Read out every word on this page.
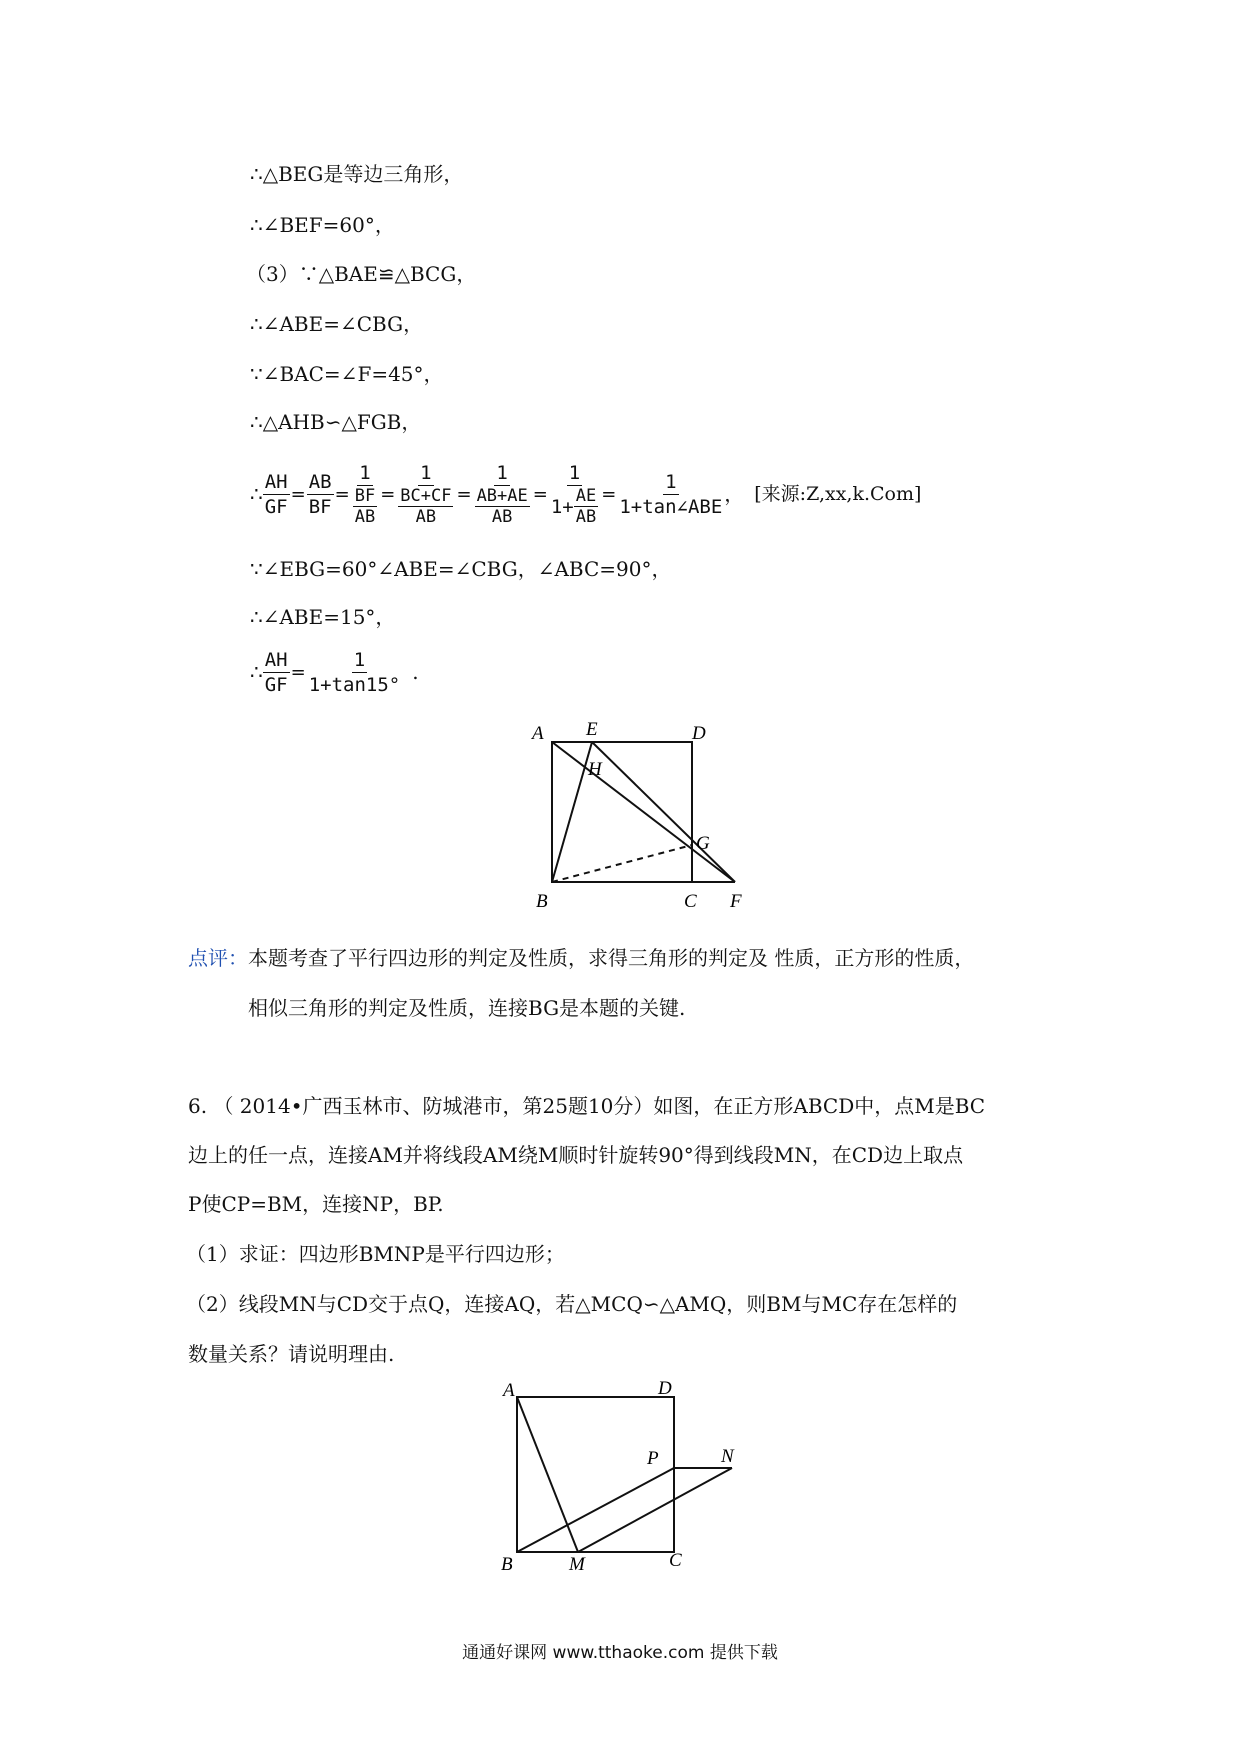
∴△BEG是等边三角形，
∴∠BEF=60°，
（3）∵△BAE≌△BCG，
∴∠ABE=∠CBG，
∵∠BAC=∠F=45°，
∴△AHB∽△FGB，
∴ $\frac{AH}{GF} = \frac{AB}{BF} = \frac{1}{\frac{BF}{AB}} = \frac{1}{\frac{BC+CF}{AB}} = \frac{1}{\frac{AB+AE}{AB}} = \frac{1}{1+ \frac{AE}{AB}} = \frac{1}{\text{1+tan∠ABE}}$ ， [来源:Z,xx,k.Com]
∵∠EBG=60°∠ABE=∠CBG，∠ABC=90°，
∴∠ABE=15°，
∴ $\frac{AH}{GF} = \frac{1}{1+\tan 15^\circ}$ .
A E	D
H
G
B	C F
点评：本题考查了平行四边形的判定及性质，求得三角形的判定及 性质，正方形的性质，
相似三角形的判定及性质，连接BG是本题的关键.
6. （ 2014•广西玉林市、防城港市，第25题10分）如图，在正方形ABCD中，点M是BC
边上的任一点，连接AM并将线段AM绕M顺时针旋转90°得到线段MN，在CD边上取点
P使CP=BM，连接NP，BP.
（1）求证：四边形BMNP是平行四边形；
（2）线段MN与CD交于点Q，连接AQ，若△MCQ∽△AMQ，则BM与MC存在怎样的
数量关系？请说明理由.
A	D
P	N
B	M	C
通通好课网 www.tthaoke.com 提供下载
